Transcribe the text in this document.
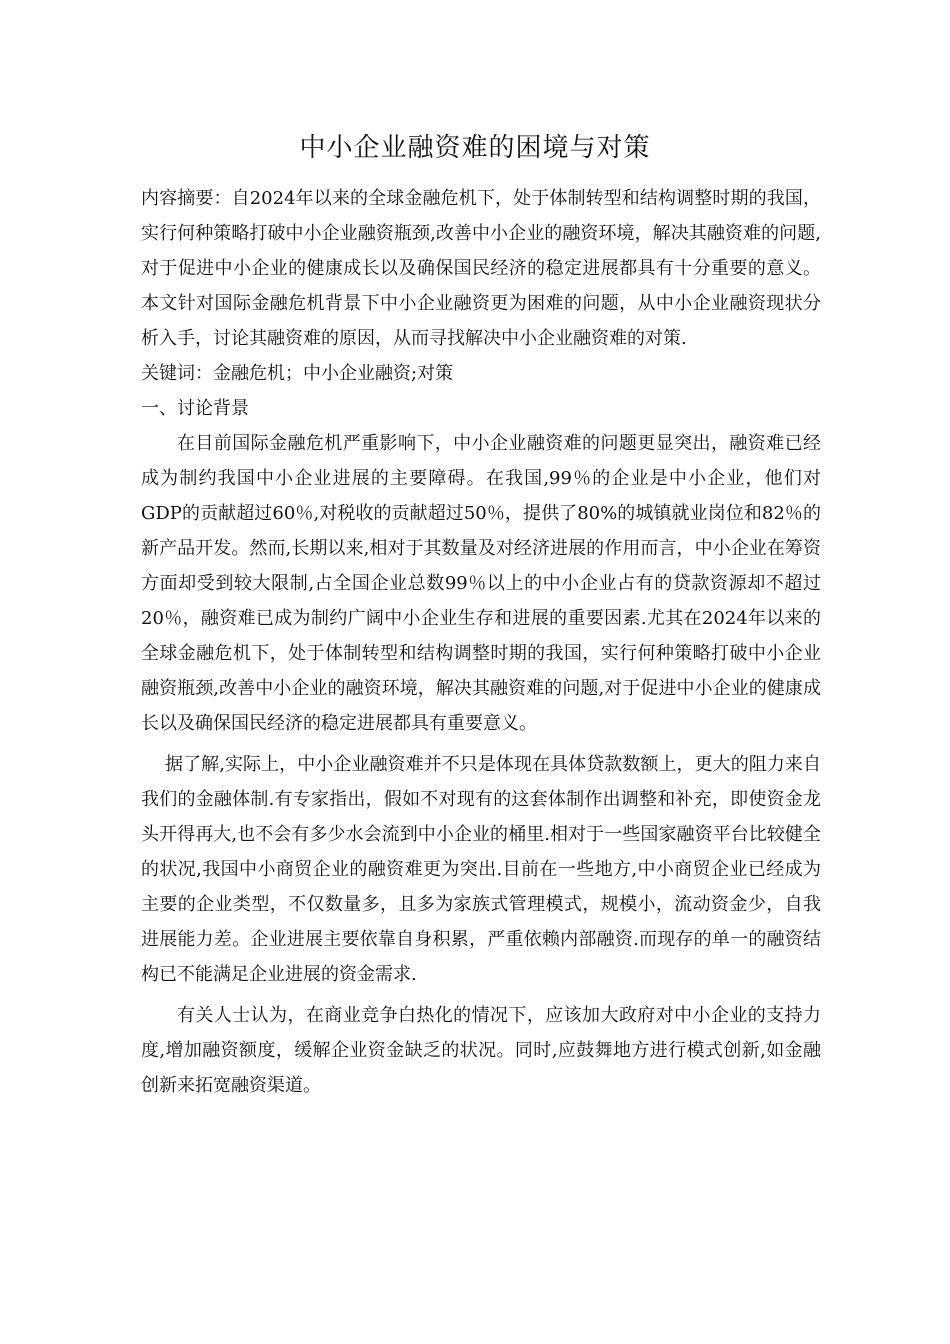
中小企业融资难的困境与对策

内容摘要：自2024年以来的全球金融危机下，处于体制转型和结构调整时期的我国，实行何种策略打破中小企业融资瓶颈,改善中小企业的融资环境，解决其融资难的问题,对于促进中小企业的健康成长以及确保国民经济的稳定进展都具有十分重要的意义。本文针对国际金融危机背景下中小企业融资更为困难的问题，从中小企业融资现状分析入手，讨论其融资难的原因，从而寻找解决中小企业融资难的对策.

关键词：金融危机；中小企业融资;对策

一、讨论背景

在目前国际金融危机严重影响下，中小企业融资难的问题更显突出，融资难已经成为制约我国中小企业进展的主要障碍。在我国,99％的企业是中小企业，他们对GDP的贡献超过60％,对税收的贡献超过50％，提供了80%的城镇就业岗位和82％的新产品开发。然而,长期以来,相对于其数量及对经济进展的作用而言，中小企业在筹资方面却受到较大限制,占全国企业总数99％以上的中小企业占有的贷款资源却不超过20％，融资难已成为制约广阔中小企业生存和进展的重要因素.尤其在2024年以来的全球金融危机下，处于体制转型和结构调整时期的我国，实行何种策略打破中小企业融资瓶颈,改善中小企业的融资环境，解决其融资难的问题,对于促进中小企业的健康成长以及确保国民经济的稳定进展都具有重要意义。

据了解,实际上，中小企业融资难并不只是体现在具体贷款数额上，更大的阻力来自我们的金融体制.有专家指出，假如不对现有的这套体制作出调整和补充，即使资金龙头开得再大,也不会有多少水会流到中小企业的桶里.相对于一些国家融资平台比较健全的状况,我国中小商贸企业的融资难更为突出.目前在一些地方,中小商贸企业已经成为主要的企业类型，不仅数量多，且多为家族式管理模式，规模小，流动资金少，自我进展能力差。企业进展主要依靠自身积累，严重依赖内部融资.而现存的单一的融资结构已不能满足企业进展的资金需求.

有关人士认为，在商业竞争白热化的情况下，应该加大政府对中小企业的支持力度,增加融资额度，缓解企业资金缺乏的状况。同时,应鼓舞地方进行模式创新,如金融创新来拓宽融资渠道。
